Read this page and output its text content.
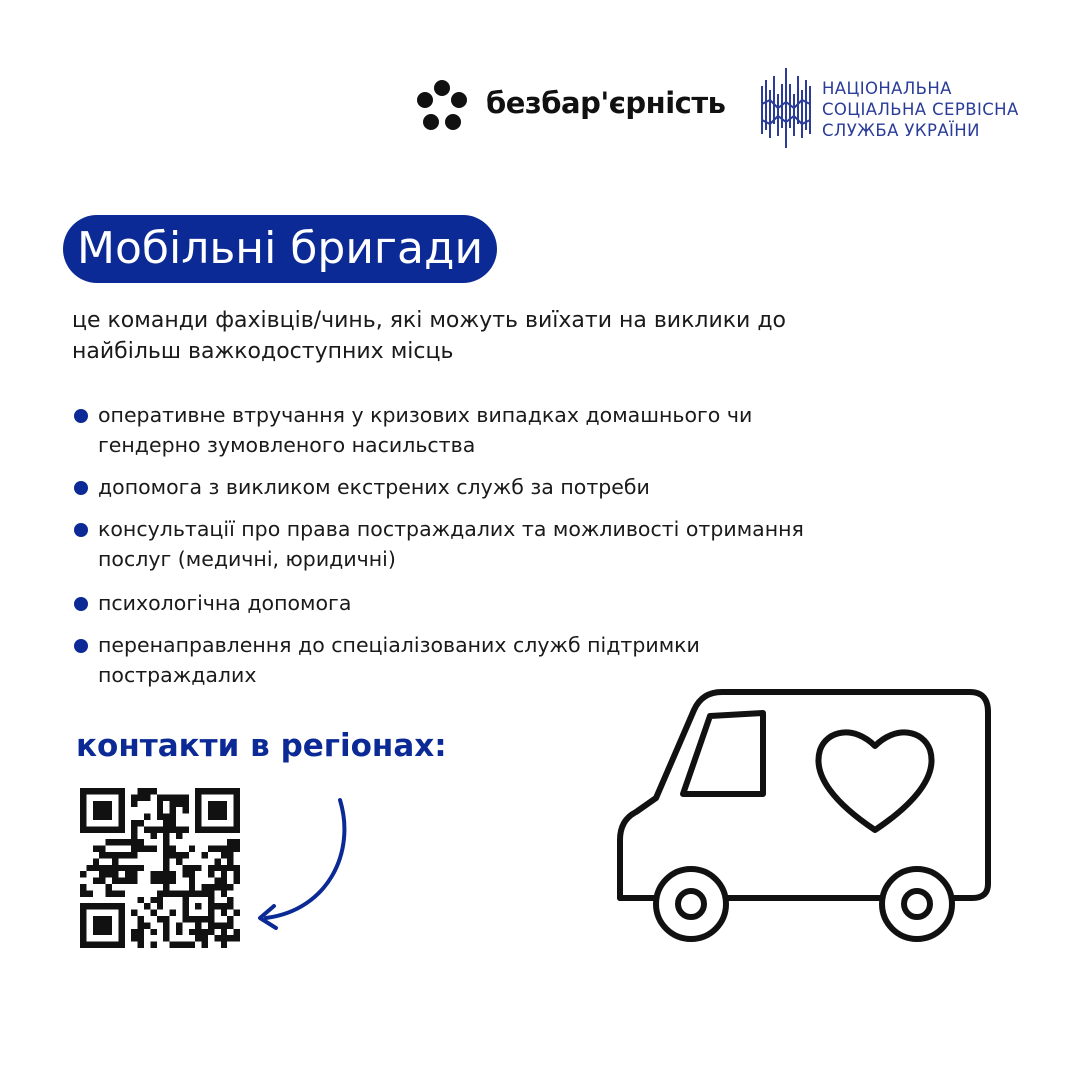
безбар'єрність	НАЦІОНАЛЬНА
СОЦІАЛЬНА СЕРВІСНА
СЛУЖБА УКРАЇНИ
Мобільні бригади
це команди фахівців/чинь, які можуть виїхати на виклики до найбільш важкодоступних місць
оперативне втручання у кризових випадках домашнього чи гендерно зумовленого насильства
допомога з викликом екстрених служб за потреби
консультації про права постраждалих та можливості отримання послуг (медичні, юридичні)
психологічна допомога
перенаправлення до спеціалізованих служб підтримки постраждалих
контакти в регіонах:
